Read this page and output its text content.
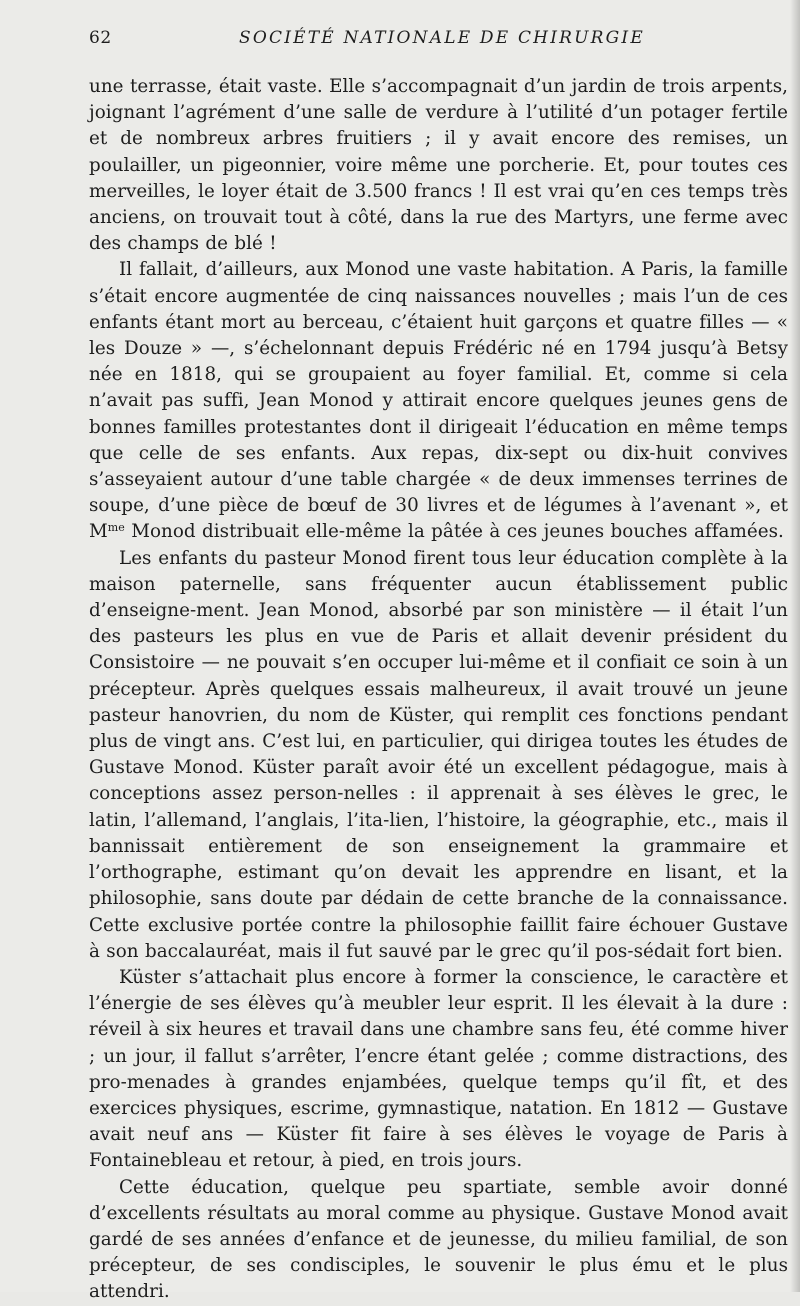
62	SOCIÉTÉ NATIONALE DE CHIRURGIE

une terrasse, était vaste. Elle s’accompagnait d’un jardin de trois arpents, joignant l’agrément d’une salle de verdure à l’utilité d’un potager fertile et de nombreux arbres fruitiers ; il y avait encore des remises, un poulailler, un pigeonnier, voire même une porcherie. Et, pour toutes ces merveilles, le loyer était de 3.500 francs ! Il est vrai qu’en ces temps très anciens, on trouvait tout à côté, dans la rue des Martyrs, une ferme avec des champs de blé !

Il fallait, d’ailleurs, aux Monod une vaste habitation. A Paris, la famille s’était encore augmentée de cinq naissances nouvelles ; mais l’un de ces enfants étant mort au berceau, c’étaient huit garçons et quatre filles — « les Douze » —, s’échelonnant depuis Frédéric né en 1794 jusqu’à Betsy née en 1818, qui se groupaient au foyer familial. Et, comme si cela n’avait pas suffi, Jean Monod y attirait encore quelques jeunes gens de bonnes familles protestantes dont il dirigeait l’éducation en même temps que celle de ses enfants. Aux repas, dix-sept ou dix-huit convives s’asseyaient autour d’une table chargée « de deux immenses terrines de soupe, d’une pièce de bœuf de 30 livres et de légumes à l’avenant », et $M^{me}$ Monod distribuait elle-même la pâtée à ces jeunes bouches affamées.

Les enfants du pasteur Monod firent tous leur éducation complète à la maison paternelle, sans fréquenter aucun établissement public d’enseigne-ment. Jean Monod, absorbé par son ministère — il était l’un des pasteurs les plus en vue de Paris et allait devenir président du Consistoire — ne pouvait s’en occuper lui-même et il confiait ce soin à un précepteur. Après quelques essais malheureux, il avait trouvé un jeune pasteur hanovrien, du nom de Küster, qui remplit ces fonctions pendant plus de vingt ans. C’est lui, en particulier, qui dirigea toutes les études de Gustave Monod. Küster paraît avoir été un excellent pédagogue, mais à conceptions assez person-nelles : il apprenait à ses élèves le grec, le latin, l’allemand, l’anglais, l’ita-lien, l’histoire, la géographie, etc., mais il bannissait entièrement de son enseignement la grammaire et l’orthographe, estimant qu’on devait les apprendre en lisant, et la philosophie, sans doute par dédain de cette branche de la connaissance. Cette exclusive portée contre la philosophie faillit faire échouer Gustave à son baccalauréat, mais il fut sauvé par le grec qu’il pos-sédait fort bien.

Küster s’attachait plus encore à former la conscience, le caractère et l’énergie de ses élèves qu’à meubler leur esprit. Il les élevait à la dure : réveil à six heures et travail dans une chambre sans feu, été comme hiver ; un jour, il fallut s’arrêter, l’encre étant gelée ; comme distractions, des pro-menades à grandes enjambées, quelque temps qu’il fît, et des exercices physiques, escrime, gymnastique, natation. En 1812 — Gustave avait neuf ans — Küster fit faire à ses élèves le voyage de Paris à Fontainebleau et retour, à pied, en trois jours.

Cette éducation, quelque peu spartiate, semble avoir donné d’excellents résultats au moral comme au physique. Gustave Monod avait gardé de ses années d’enfance et de jeunesse, du milieu familial, de son précepteur, de ses condisciples, le souvenir le plus ému et le plus attendri.
